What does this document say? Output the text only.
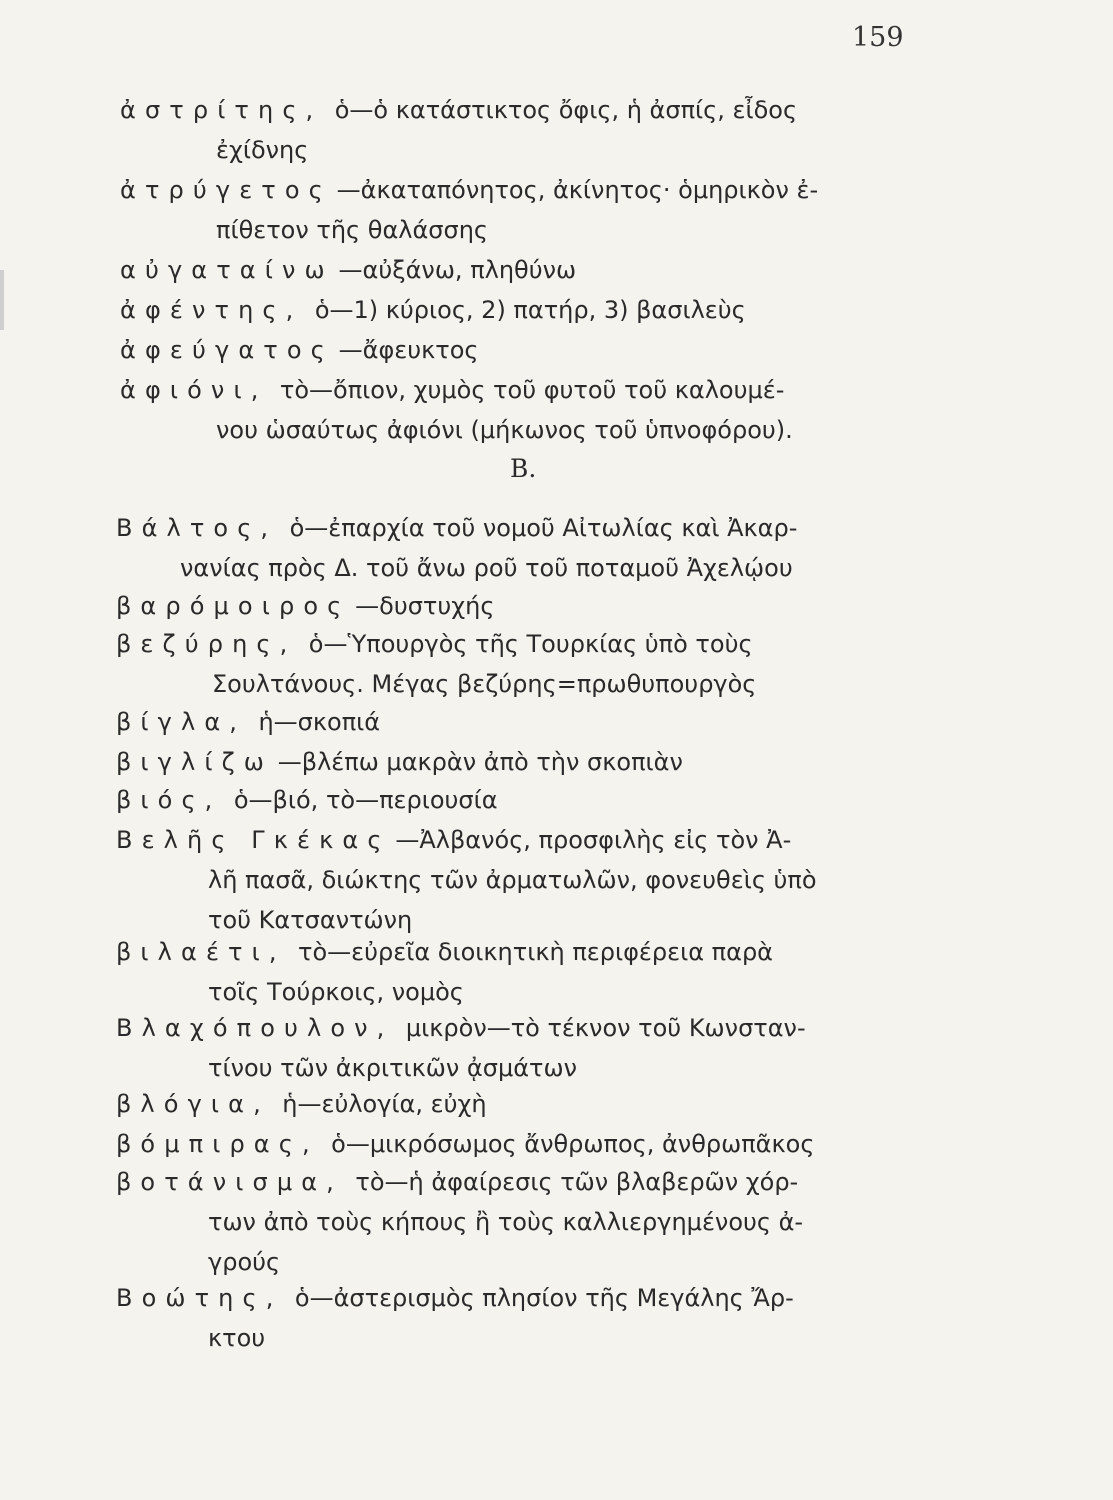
159
ἀστρίτης, ὁ—ὁ κατάστικτος ὄφις, ἡ ἀσπίς, εἶδος
ἐχίδνης
ἀτρύγετος —ἀκαταπόνητος, ἀκίνητος· ὁμηρικὸν ἐ-
πίθετον τῆς θαλάσσης
αὐγαταίνω —αὐξάνω, πληθύνω
ἀφέντης, ὁ—1) κύριος, 2) πατήρ, 3) βασιλεὺς
ἀφεύγατος —ἄφευκτος
ἀφιόνι, τὸ—ὄπιον, χυμὸς τοῦ φυτοῦ τοῦ καλουμέ-
νου ὡσαύτως ἀφιόνι (μήκωνος τοῦ ὑπνοφόρου).
Β.
Βάλτος, ὁ—ἐπαρχία τοῦ νομοῦ Αἰτωλίας καὶ Ἀκαρ-
νανίας πρὸς Δ. τοῦ ἄνω ροῦ τοῦ ποταμοῦ Ἀχελῴου
βαρόμοιρος —δυστυχής
βεζύρης, ὁ—Ὑπουργὸς τῆς Τουρκίας ὑπὸ τοὺς
Σουλτάνους. Μέγας βεζύρης=πρωθυπουργὸς
βίγλα, ἡ—σκοπιά
βιγλίζω —βλέπω μακρὰν ἀπὸ τὴν σκοπιὰν
βιός, ὁ—βιό, τὸ—περιουσία
Βελῆς Γκέκας —Ἀλβανός, προσφιλὴς εἰς τὸν Ἀ-
λῆ πασᾶ, διώκτης τῶν ἀρματωλῶν, φονευθεὶς ὑπὸ
τοῦ Κατσαντώνη
βιλαέτι, τὸ—εὐρεῖα διοικητικὴ περιφέρεια παρὰ
τοῖς Τούρκοις, νομὸς
Βλαχόπουλον, μικρὸν—τὸ τέκνον τοῦ Κωνσταν-
τίνου τῶν ἀκριτικῶν ᾀσμάτων
βλόγια, ἡ—εὐλογία, εὐχὴ
βόμπιρας, ὁ—μικρόσωμος ἄνθρωπος, ἀνθρωπᾶκος
βοτάνισμα, τὸ—ἡ ἀφαίρεσις τῶν βλαβερῶν χόρ-
των ἀπὸ τοὺς κήπους ἢ τοὺς καλλιεργημένους ἀ-
γρούς
Βοώτης, ὁ—ἀστερισμὸς πλησίον τῆς Μεγάλης Ἄρ-
κτου
